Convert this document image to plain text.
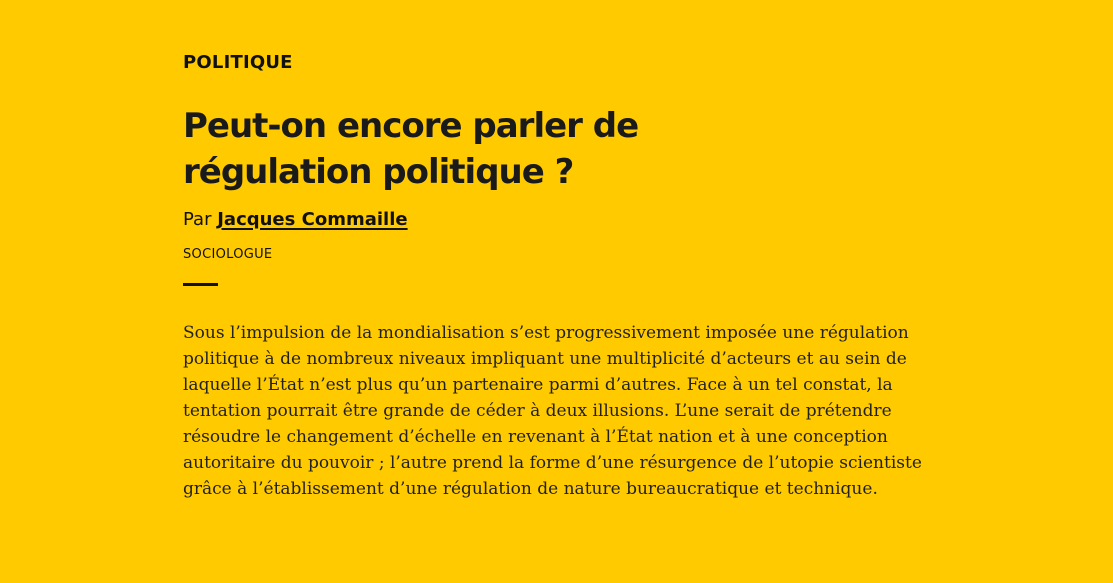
POLITIQUE

Peut-on encore parler de
régulation politique ?

Par Jacques Commaille

SOCIOLOGUE

Sous l’impulsion de la mondialisation s’est progressivement imposée une régulation politique à de nombreux niveaux impliquant une multiplicité d’acteurs et au sein de laquelle l’État n’est plus qu’un partenaire parmi d’autres. Face à un tel constat, la tentation pourrait être grande de céder à deux illusions. L’une serait de prétendre résoudre le changement d’échelle en revenant à l’État nation et à une conception autoritaire du pouvoir ; l’autre prend la forme d’une résurgence de l’utopie scientiste grâce à l’établissement d’une régulation de nature bureaucratique et technique.
